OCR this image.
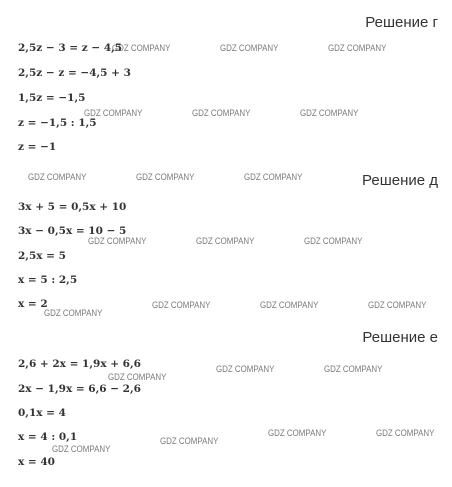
Решение г
2,5z − 3 = z − 4,5
2,5z − z = −4,5 + 3
1,5z = −1,5
z = −1,5 : 1,5
z = −1
Решение д
3x + 5 = 0,5x + 10
3x − 0,5x = 10 − 5
2,5x = 5
x = 5 : 2,5
x = 2
Решение е
2,6 + 2x = 1,9x + 6,6
2x − 1,9x = 6,6 − 2,6
0,1x = 4
x = 4 : 0,1
x = 40
GDZ COMPANY	GDZ COMPANY	GDZ COMPANY
GDZ COMPANY	GDZ COMPANY	GDZ COMPANY
GDZ COMPANY	GDZ COMPANY	GDZ COMPANY
GDZ COMPANY	GDZ COMPANY	GDZ COMPANY
GDZ COMPANY	GDZ COMPANY	GDZ COMPANY
GDZ COMPANY
GDZ COMPANY	GDZ COMPANY
GDZ COMPANY
GDZ COMPANY	GDZ COMPANY
GDZ COMPANY
GDZ COMPANY
